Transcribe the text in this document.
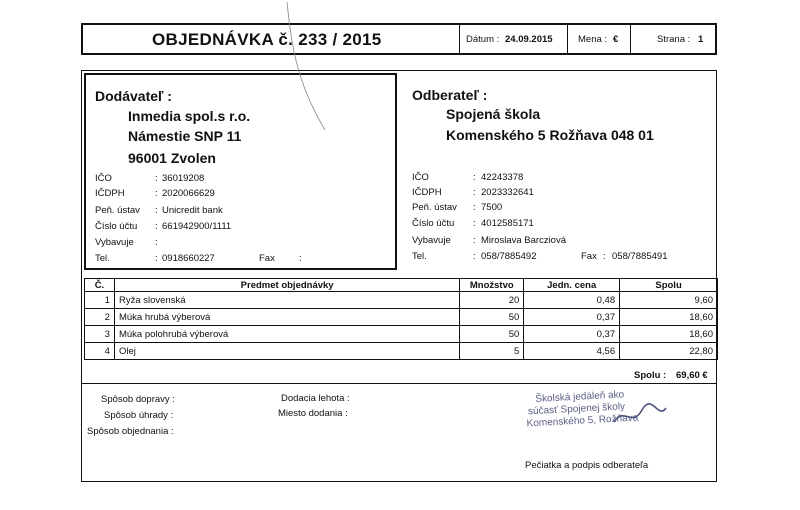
OBJEDNÁVKA č. 233 / 2015	Dátum : 24.09.2015	Mena : €	Strana : 1
Dodávateľ :
Inmedia spol.s r.o.
Námestie SNP 11
96001 Zvolen
IČO	: 36019208
IČDPH	: 2020066629
Peň. ústav : Unicredit bank
Číslo účtu : 661942900/1111
Vybavuje :
Tel.	: 0918660227	Fax	:
Odberateľ :
Spojená škola
Komenského 5 Rožňava 048 01
IČO	: 42243378
IČDPH	: 2023332641
Peň. ústav : 7500
Číslo účtu : 4012585171
Vybavuje : Miroslava Barcziová
Tel.	: 058/7885492	Fax : 058/7885491
Č.	Predmet objednávky	Množstvo	Jedn. cena	Spolu
1	Ryža slovenská	20	0,48	9,60
2	Múka hrubá výberová	50	0,37	18,60
3	Múka polohrubá výberová	50	0,37	18,60
4	Olej	5	4,56	22,80
Spolu : 69,60 €
Spôsob dopravy :
Spôsob úhrady :
Spôsob objednania :
Dodacia lehota :
Miesto dodania :
Školská jedáleň ako
súčasť Spojenej školy
Komenského 5, Rožňava
Pečiatka a podpis odberateľa
